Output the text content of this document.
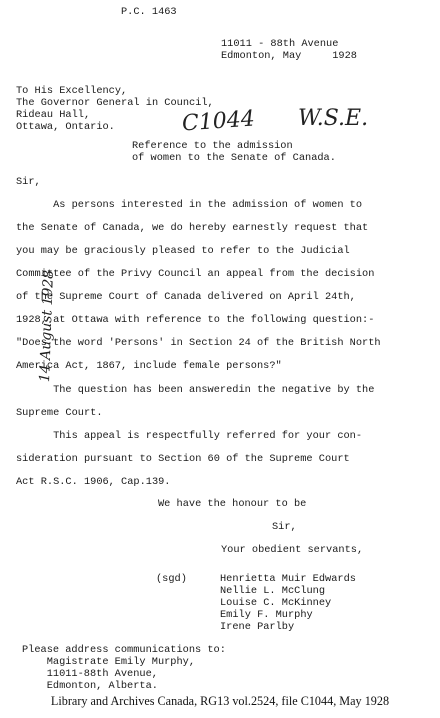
P.C. 1463
11011 - 88th Avenue
Edmonton, May     1928
To His Excellency,
The Governor General in Council,
Rideau Hall,
Ottawa, Ontario.	C1044 W.S.E.
14 August 1928
Reference to the admission
of women to the Senate of Canada.
Sir,
As persons interested in the admission of women to
the Senate of Canada, we do hereby earnestly request that
you may be graciously pleased to refer to the Judicial
Committee of the Privy Council an appeal from the decision
of the Supreme Court of Canada delivered on April 24th,
1928, at Ottawa with reference to the following question:-
"Does the word 'Persons' in Section 24 of the British North
America Act, 1867, include female persons?"
The question has been answeredin the negative by the
Supreme Court.
This appeal is respectfully referred for your con-
sideration pursuant to Section 60 of the Supreme Court
Act R.S.C. 1906, Cap.139.
We have the honour to be
Sir,
Your obedient servants,
(sgd)	Henrietta Muir Edwards
Nellie L. McClung
Louise C. McKinney
Emily F. Murphy
Irene Parlby
Please address communications to:
Magistrate Emily Murphy,
11011-88th Avenue,
Edmonton, Alberta.
Library and Archives Canada, RG13 vol.2524, file C1044, May 1928
